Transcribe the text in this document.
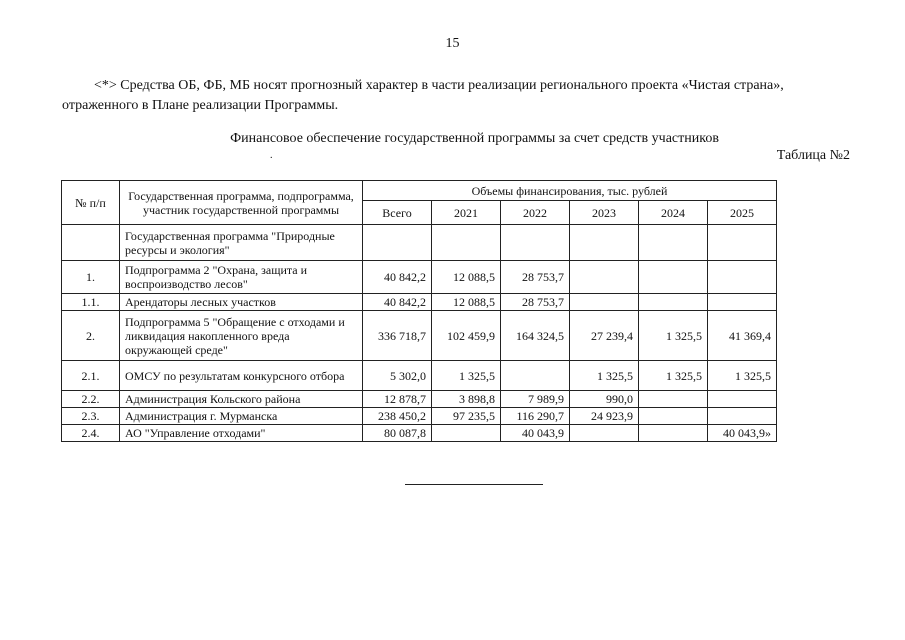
15
<*> Средства ОБ, ФБ, МБ носят прогнозный характер в части реализации регионального проекта «Чистая страна», отраженного в Плане реализации Программы.
Финансовое обеспечение государственной программы за счет средств участников
.	Таблица №2
№ п/п	Государственная программа, подпрограмма, участник государственной программы	Объемы финансирования, тыс. рублей					
		Всего	2021	2022	2023	2024	2025
	Государственная программа "Природные ресурсы и экология"						
1.	Подпрограмма 2 "Охрана, защита и воспроизводство лесов"	40 842,2	12 088,5	28 753,7			
1.1.	Арендаторы лесных участков	40 842,2	12 088,5	28 753,7			
2.	Подпрограмма 5 "Обращение с отходами и ликвидация накопленного вреда окружающей среде"	336 718,7	102 459,9	164 324,5	27 239,4	1 325,5	41 369,4
2.1.	ОМСУ по результатам конкурсного отбора	5 302,0	1 325,5		1 325,5	1 325,5	1 325,5
2.2.	Администрация Кольского района	12 878,7	3 898,8	7 989,9	990,0		
2.3.	Администрация г. Мурманска	238 450,2	97 235,5	116 290,7	24 923,9		
2.4.	АО "Управление отходами"	80 087,8		40 043,9			40 043,9»
